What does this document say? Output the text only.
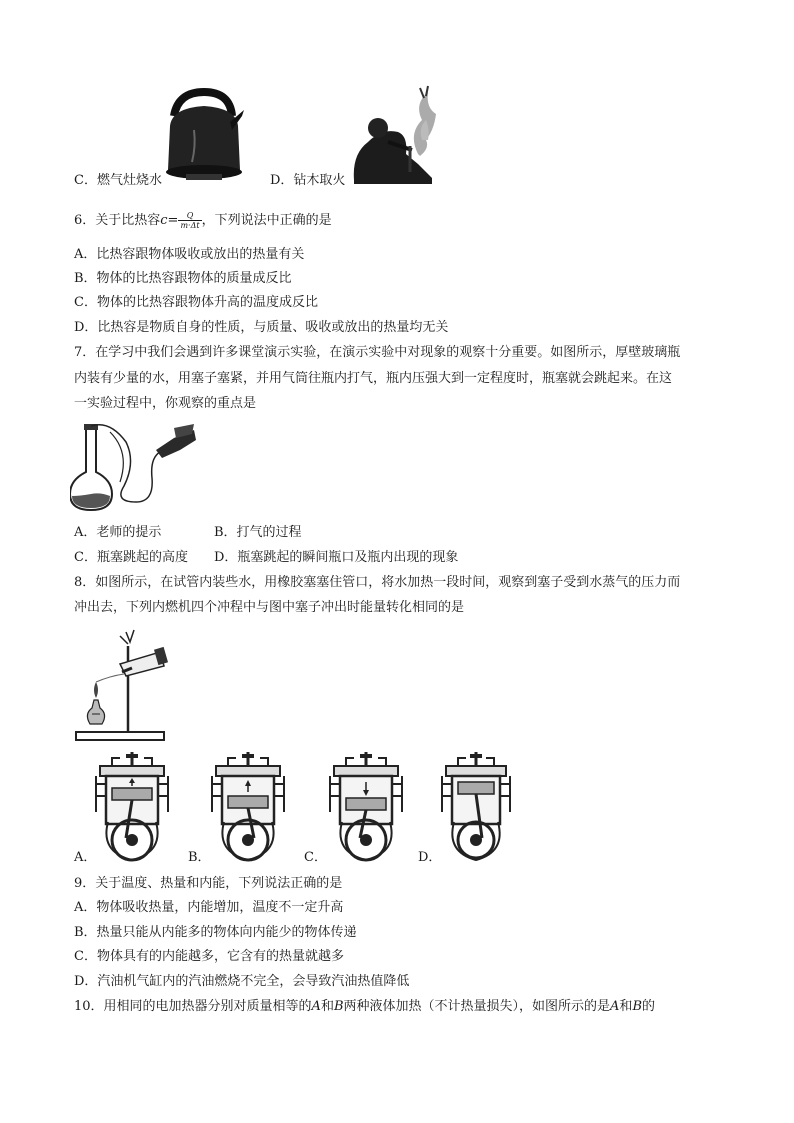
C．燃气灶烧水	D．钻木取火
6．关于比热容$c= \frac{Q}{m\cdot\Delta t}$ ，下列说法中正确的是
A．比热容跟物体吸收或放出的热量有关
B．物体的比热容跟物体的质量成反比
C．物体的比热容跟物体升高的温度成反比
D．比热容是物质自身的性质，与质量、吸收或放出的热量均无关
7．在学习中我们会遇到许多课堂演示实验，在演示实验中对现象的观察十分重要。如图所示，厚壁玻璃瓶
内装有少量的水，用塞子塞紧，并用气筒往瓶内打气，瓶内压强大到一定程度时，瓶塞就会跳起来。在这
一实验过程中，你观察的重点是
A．老师的提示	B．打气的过程
C．瓶塞跳起的高度 D．瓶塞跳起的瞬间瓶口及瓶内出现的现象
8．如图所示，在试管内装些水，用橡胶塞塞住管口，将水加热一段时间，观察到塞子受到水蒸气的压力而
冲出去，下列内燃机四个冲程中与图中塞子冲出时能量转化相同的是
A．	B．	C．	D．
9．关于温度、热量和内能，下列说法正确的是
A．物体吸收热量，内能增加，温度不一定升高
B．热量只能从内能多的物体向内能少的物体传递
C．物体具有的内能越多，它含有的热量就越多
D．汽油机气缸内的汽油燃烧不完全，会导致汽油热值降低
10．用相同的电加热器分别对质量相等的A和B两种液体加热（不计热量损失），如图所示的是A和B的
